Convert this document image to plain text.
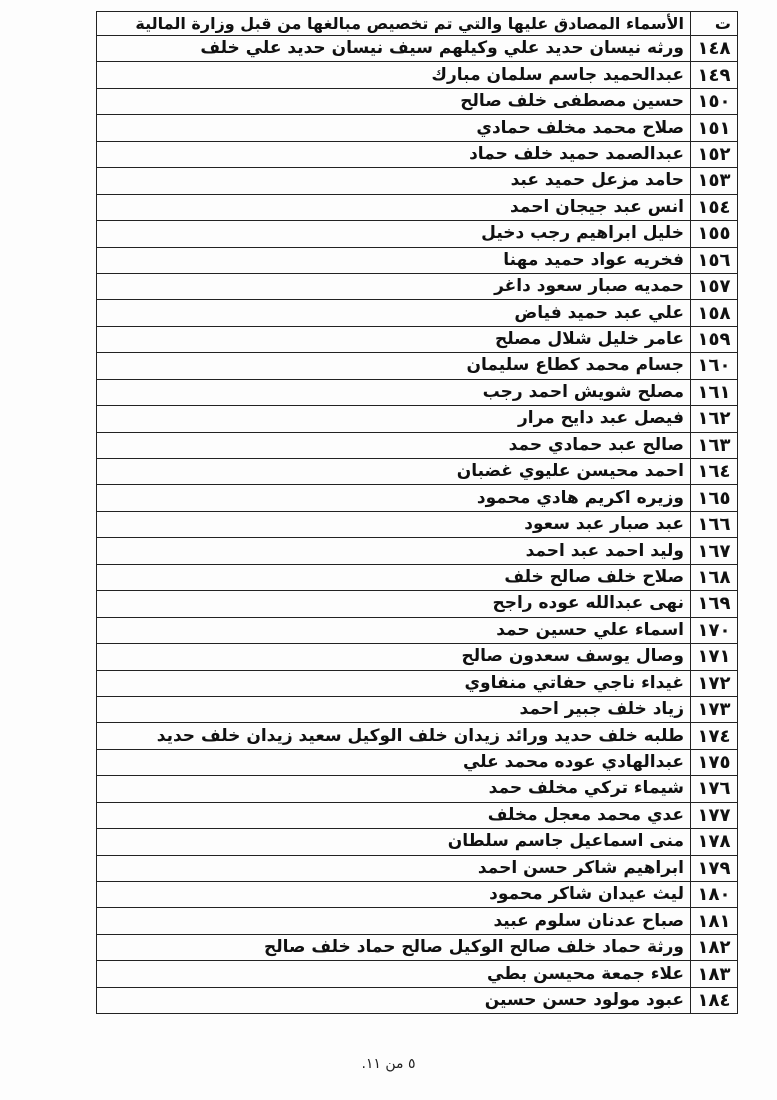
ت	الأسماء المصادق عليها والتي تم تخصيص مبالغها من قبل وزارة المالية
١٤٨	ورثه نيسان حديد علي وكيلهم سيف نيسان حديد علي خلف
١٤٩	عبدالحميد جاسم سلمان مبارك
١٥٠	حسين مصطفى خلف صالح
١٥١	صلاح محمد مخلف حمادي
١٥٢	عبدالصمد حميد خلف حماد
١٥٣	حامد مزعل حميد عبد
١٥٤	انس عبد جيجان احمد
١٥٥	خليل ابراهيم رجب دخيل
١٥٦	فخريه عواد حميد مهنا
١٥٧	حمديه صبار سعود داغر
١٥٨	علي عبد حميد فياض
١٥٩	عامر خليل شلال مصلح
١٦٠	جسام محمد كطاع سليمان
١٦١	مصلح شويش احمد رجب
١٦٢	فيصل عبد دايح مرار
١٦٣	صالح عبد حمادي حمد
١٦٤	احمد محيسن عليوي غضبان
١٦٥	وزيره اكريم هادي محمود
١٦٦	عبد صبار عبد سعود
١٦٧	وليد احمد عبد احمد
١٦٨	صلاح خلف صالح خلف
١٦٩	نهى عبدالله عوده راجح
١٧٠	اسماء علي حسين حمد
١٧١	وصال يوسف سعدون صالح
١٧٢	غيداء ناجي حفاتي منفاوي
١٧٣	زياد خلف جبير احمد
١٧٤	طلبه خلف حديد ورائد زيدان خلف الوكيل سعيد زيدان خلف حديد
١٧٥	عبدالهادي عوده محمد علي
١٧٦	شيماء تركي مخلف حمد
١٧٧	عدي محمد معجل مخلف
١٧٨	منى اسماعيل جاسم سلطان
١٧٩	ابراهيم شاكر حسن احمد
١٨٠	ليث عيدان شاكر محمود
١٨١	صباح عدنان سلوم عبيد
١٨٢	ورثة حماد خلف صالح الوكيل صالح حماد خلف صالح
١٨٣	علاء جمعة محيسن بطي
١٨٤	عبود مولود حسن حسين
٥ من ١١.
